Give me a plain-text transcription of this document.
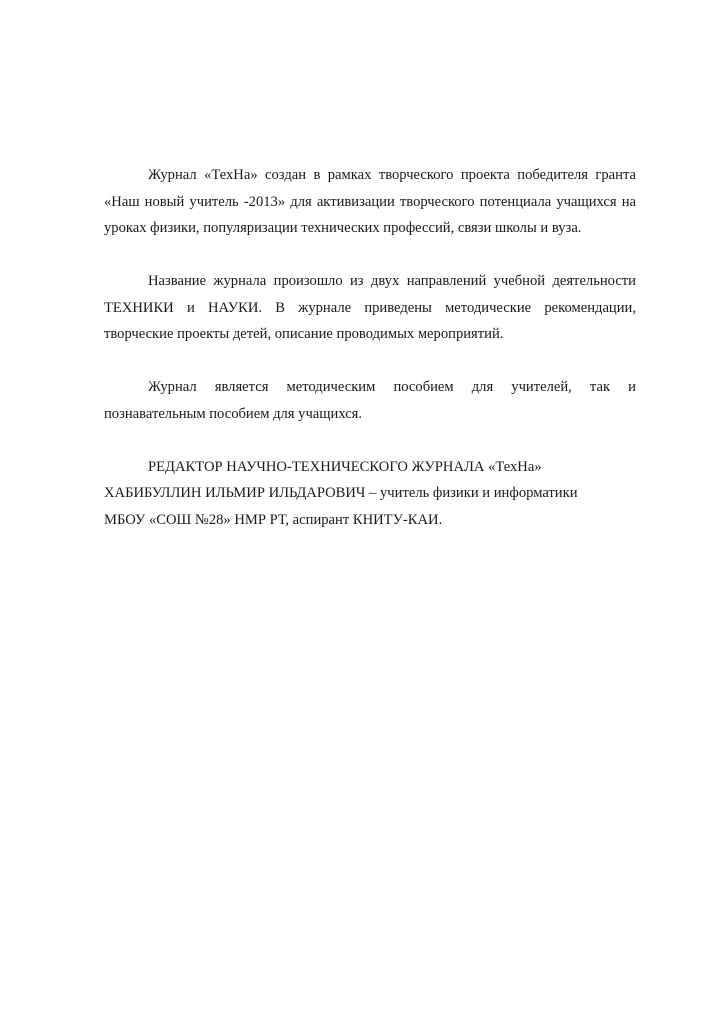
Журнал «ТехНа» создан в рамках творческого проекта победителя гранта «Наш новый учитель -2013» для активизации творческого потенциала учащихся на уроках физики, популяризации технических профессий, связи школы и вуза.

Название журнала произошло из двух направлений учебной деятельности ТЕХНИКИ и НАУКИ. В журнале приведены методические рекомендации, творческие проекты детей, описание проводимых мероприятий.

Журнал является методическим пособием для учителей, так и познавательным пособием для учащихся.

РЕДАКТОР НАУЧНО-ТЕХНИЧЕСКОГО ЖУРНАЛА «ТехНа»

ХАБИБУЛЛИН ИЛЬМИР ИЛЬДАРОВИЧ – учитель физики и информатики

МБОУ «СОШ №28» НМР РТ, аспирант КНИТУ-КАИ.
